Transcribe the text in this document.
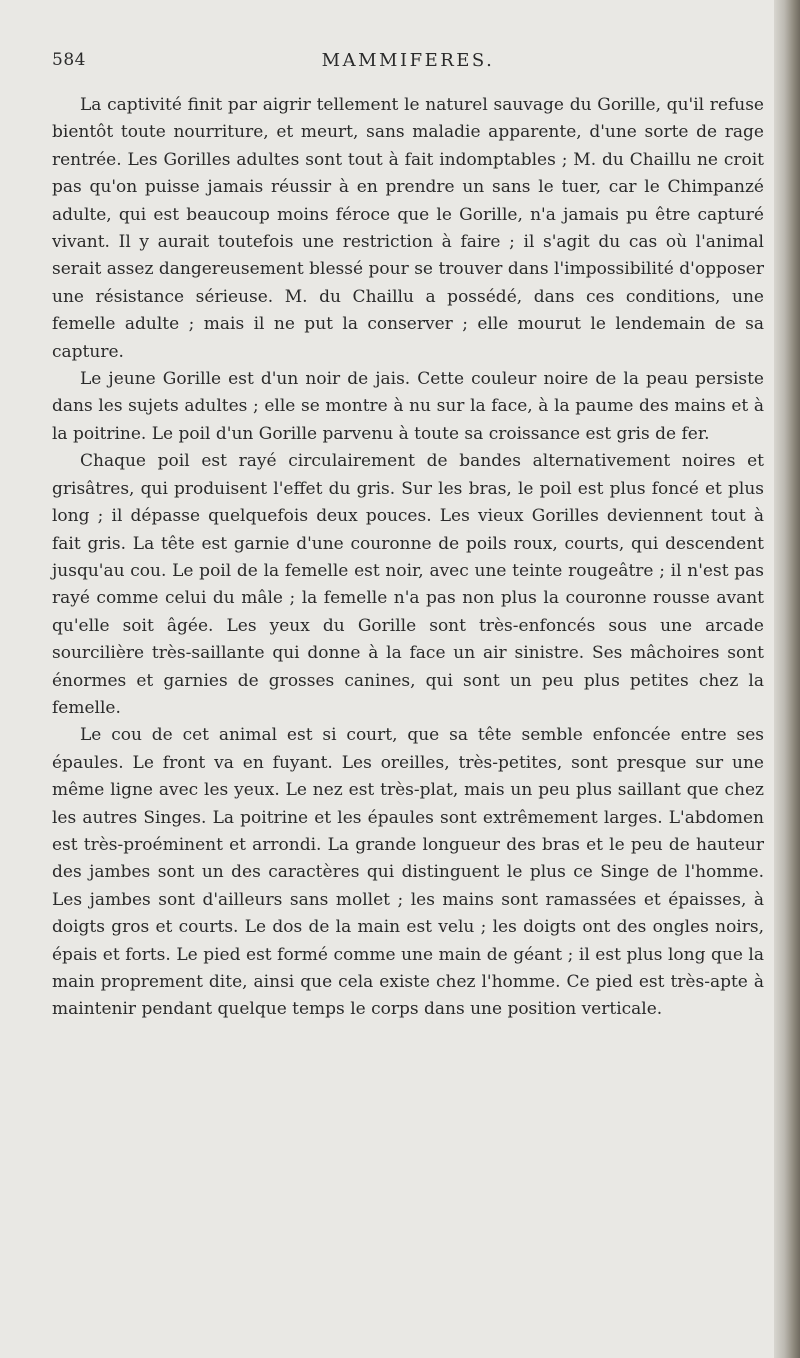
584	MAMMIFERES.

La captivité finit par aigrir tellement le naturel sauvage du Gorille, qu'il refuse bientôt toute nourriture, et meurt, sans maladie apparente, d'une sorte de rage rentrée. Les Gorilles adultes sont tout à fait indomptables ; M. du Chaillu ne croit pas qu'on puisse jamais réussir à en prendre un sans le tuer, car le Chimpanzé adulte, qui est beaucoup moins féroce que le Gorille, n'a jamais pu être capturé vivant. Il y aurait toutefois une restriction à faire ; il s'agit du cas où l'animal serait assez dangereusement blessé pour se trouver dans l'impossibilité d'opposer une résistance sérieuse. M. du Chaillu a possédé, dans ces conditions, une femelle adulte ; mais il ne put la conserver ; elle mourut le lendemain de sa capture.

Le jeune Gorille est d'un noir de jais. Cette couleur noire de la peau persiste dans les sujets adultes ; elle se montre à nu sur la face, à la paume des mains et à la poitrine. Le poil d'un Gorille parvenu à toute sa croissance est gris de fer.

Chaque poil est rayé circulairement de bandes alternativement noires et grisâtres, qui produisent l'effet du gris. Sur les bras, le poil est plus foncé et plus long ; il dépasse quelquefois deux pouces. Les vieux Gorilles deviennent tout à fait gris. La tête est garnie d'une couronne de poils roux, courts, qui descendent jusqu'au cou. Le poil de la femelle est noir, avec une teinte rougeâtre ; il n'est pas rayé comme celui du mâle ; la femelle n'a pas non plus la couronne rousse avant qu'elle soit âgée. Les yeux du Gorille sont très-enfoncés sous une arcade sourcilière très-saillante qui donne à la face un air sinistre. Ses mâchoires sont énormes et garnies de grosses canines, qui sont un peu plus petites chez la femelle.

Le cou de cet animal est si court, que sa tête semble enfoncée entre ses épaules. Le front va en fuyant. Les oreilles, très-petites, sont presque sur une même ligne avec les yeux. Le nez est très-plat, mais un peu plus saillant que chez les autres Singes. La poitrine et les épaules sont extrêmement larges. L'abdomen est très-proéminent et arrondi. La grande longueur des bras et le peu de hauteur des jambes sont un des caractères qui distinguent le plus ce Singe de l'homme. Les jambes sont d'ailleurs sans mollet ; les mains sont ramassées et épaisses, à doigts gros et courts. Le dos de la main est velu ; les doigts ont des ongles noirs, épais et forts. Le pied est formé comme une main de géant ; il est plus long que la main proprement dite, ainsi que cela existe chez l'homme. Ce pied est très-apte à maintenir pendant quelque temps le corps dans une position verticale.
